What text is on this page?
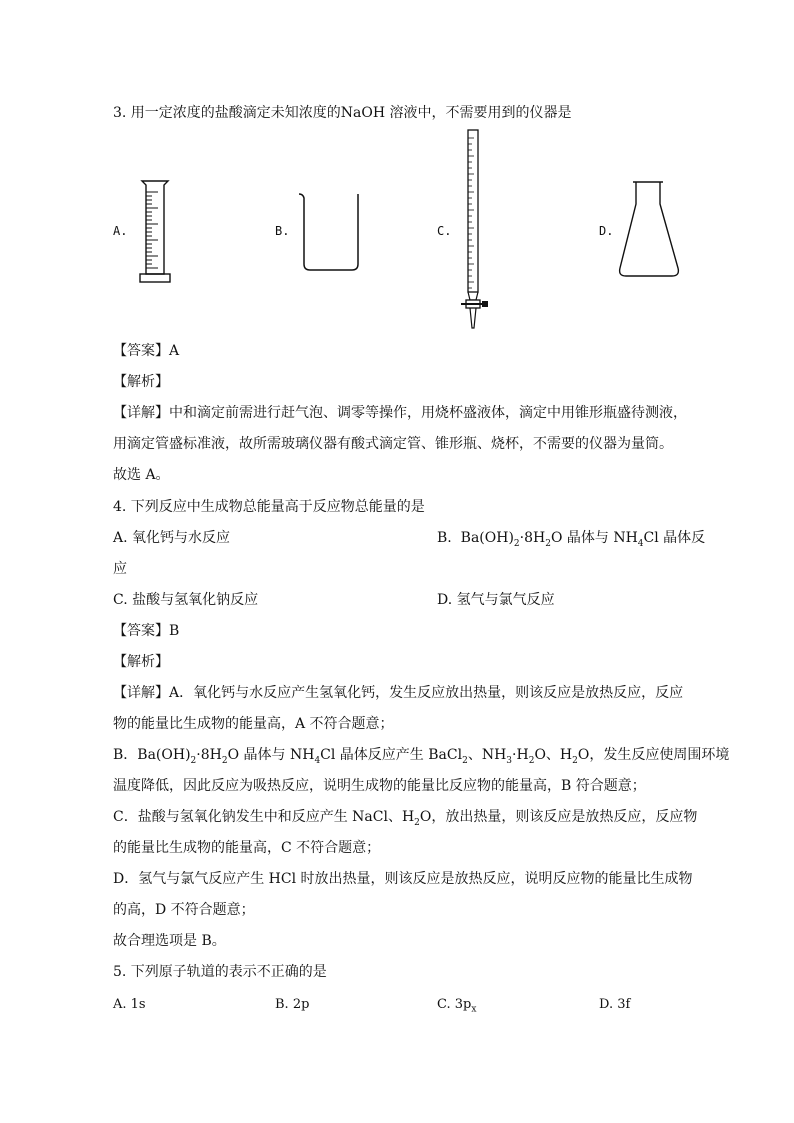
3. 用一定浓度的盐酸滴定未知浓度的NaOH 溶液中，不需要用到的仪器是
A.	B.	C.	D.
【答案】A
【解析】
【详解】中和滴定前需进行赶气泡、调零等操作，用烧杯盛液体，滴定中用锥形瓶盛待测液，
用滴定管盛标准液，故所需玻璃仪器有酸式滴定管、锥形瓶、烧杯，不需要的仪器为量筒。
故选 A。
4. 下列反应中生成物总能量高于反应物总能量的是
A. 氧化钙与水反应	B. $Ba(OH)_2\cdot 8H_2O$ 晶体与 $NH_4Cl$ 晶体反
应
C. 盐酸与氢氧化钠反应	D. 氢气与氯气反应
【答案】B
【解析】
【详解】A．氧化钙与水反应产生氢氧化钙，发生反应放出热量，则该反应是放热反应，反应
物的能量比生成物的能量高，A 不符合题意；
B．$Ba(OH)_2\cdot 8H_2O$ 晶体与 $NH_4Cl$ 晶体反应产生 BaCl$_2$、$NH_3\cdot H_2O$、$H_2O$，发生反应使周围环境
温度降低，因此反应为吸热反应，说明生成物的能量比反应物的能量高，B 符合题意；
C．盐酸与氢氧化钠发生中和反应产生 NaCl、$H_2O$，放出热量，则该反应是放热反应，反应物
的能量比生成物的能量高，C 不符合题意；
D．氢气与氯气反应产生 HCl 时放出热量，则该反应是放热反应，说明反应物的能量比生成物
的高，D 不符合题意；
故合理选项是 B。
5. 下列原子轨道的表示不正确的是
A. 1s	B. 2p	C. $3p_x$	D. 3f
